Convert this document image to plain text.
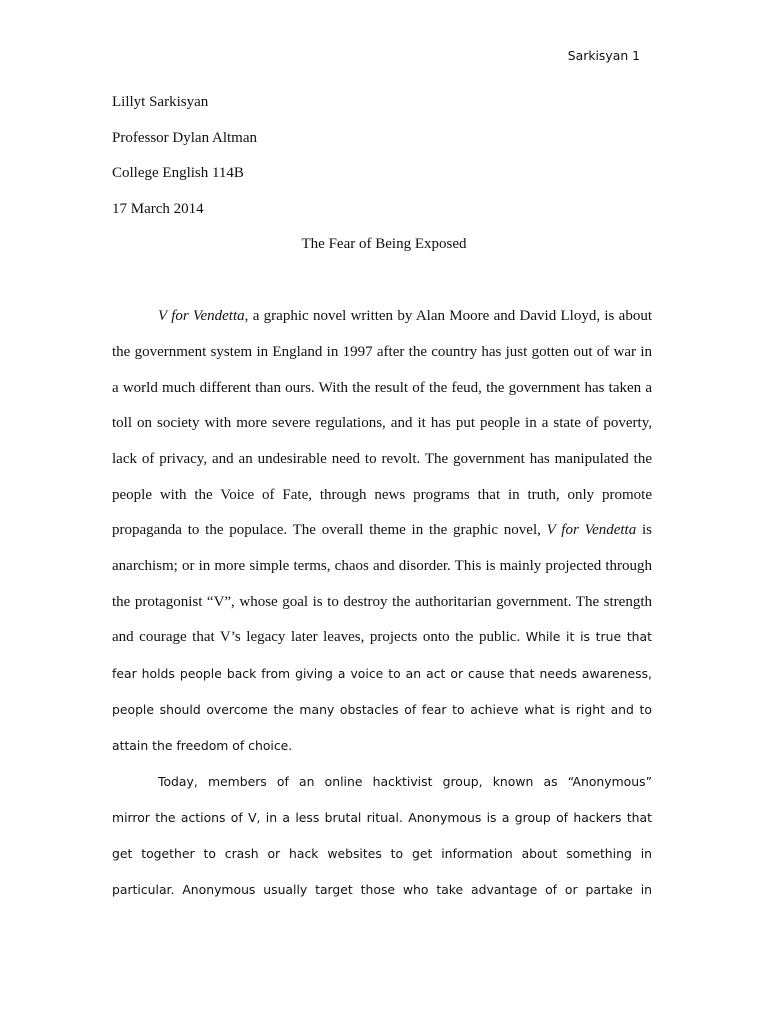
Sarkisyan 1
Lillyt Sarkisyan
Professor Dylan Altman
College English 114B
17 March 2014
The Fear of Being Exposed
V for Vendetta, a graphic novel written by Alan Moore and David Lloyd, is about
the government system in England in 1997 after the country has just gotten out of war in
a world much different than ours. With the result of the feud, the government has taken a
toll on society with more severe regulations, and it has put people in a state of poverty,
lack of privacy, and an undesirable need to revolt. The government has manipulated the
people with the Voice of Fate, through news programs that in truth, only promote
propaganda to the populace. The overall theme in the graphic novel, V for Vendetta is
anarchism; or in more simple terms, chaos and disorder. This is mainly projected through
the protagonist “V”, whose goal is to destroy the authoritarian government. The strength
and courage that V’s legacy later leaves, projects onto the public. While it is true that
fear holds people back from giving a voice to an act or cause that needs awareness,
people should overcome the many obstacles of fear to achieve what is right and to
attain the freedom of choice.
Today, members of an online hacktivist group, known as “Anonymous”
mirror the actions of V, in a less brutal ritual. Anonymous is a group of hackers that
get together to crash or hack websites to get information about something in
particular. Anonymous usually target those who take advantage of or partake in
